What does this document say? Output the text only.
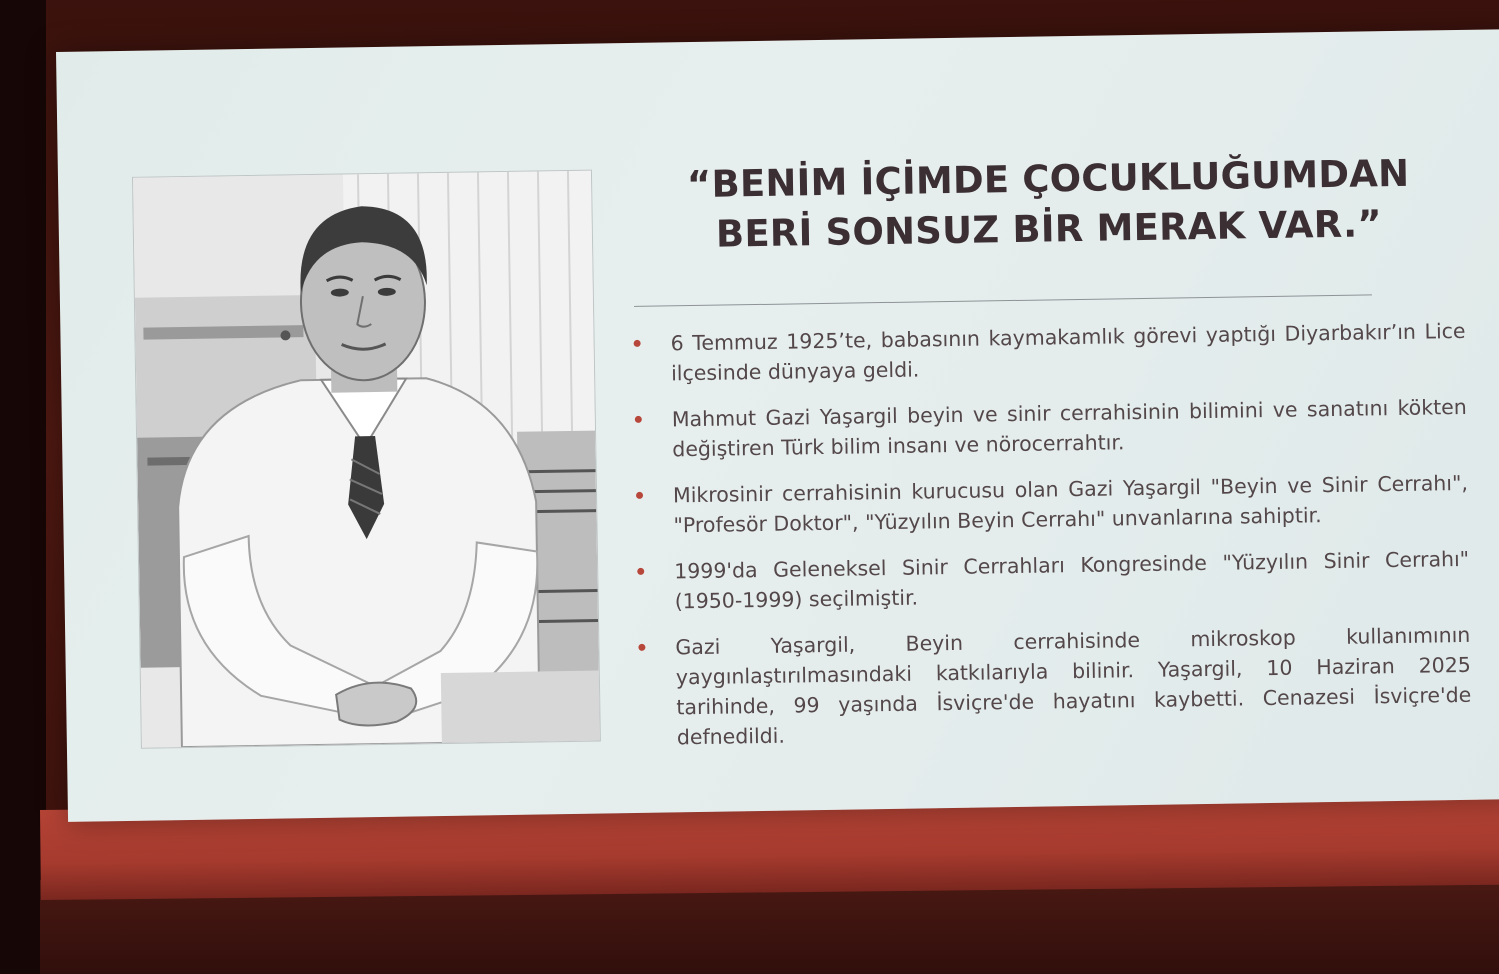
“BENİM İÇİMDE ÇOCUKLUĞUMDAN
BERİ SONSUZ BİR MERAK VAR.”
6 Temmuz 1925’te, babasının kaymakamlık görevi yaptığı Diyarbakır’ın Lice ilçesinde dünyaya geldi.
Mahmut Gazi Yaşargil beyin ve sinir cerrahisinin bilimini ve sanatını kökten değiştiren Türk bilim insanı ve nörocerrahtır.
Mikrosinir cerrahisinin kurucusu olan Gazi Yaşargil "Beyin ve Sinir Cerrahı", "Profesör Doktor", "Yüzyılın Beyin Cerrahı" unvanlarına sahiptir.
1999'da Geleneksel Sinir Cerrahları Kongresinde "Yüzyılın Sinir Cerrahı" (1950-1999) seçilmiştir.
Gazi Yaşargil, Beyin cerrahisinde mikroskop kullanımının yaygınlaştırılmasındaki katkılarıyla bilinir. Yaşargil, 10 Haziran 2025 tarihinde, 99 yaşında İsviçre'de hayatını kaybetti. Cenazesi İsviçre'de defnedildi.
